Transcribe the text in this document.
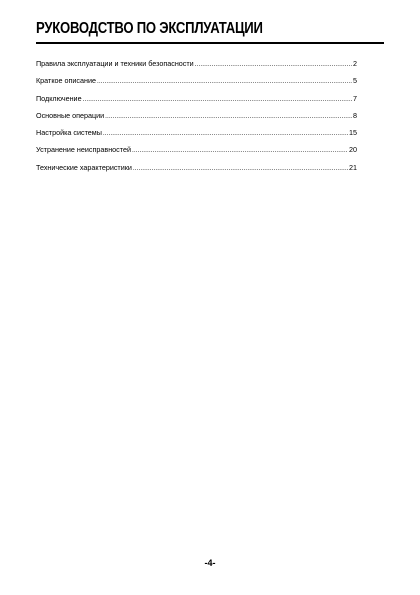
РУКОВОДСТВО ПО ЭКСПЛУАТАЦИИ
Правила эксплуатации и техники безопасности .....	2
Краткое описание .....	5
Подключение .....	7
Основные операции .....	8
Настройка системы .....	15
Устранение неисправностей .....	20
Технические характеристики .....	21
-4-
